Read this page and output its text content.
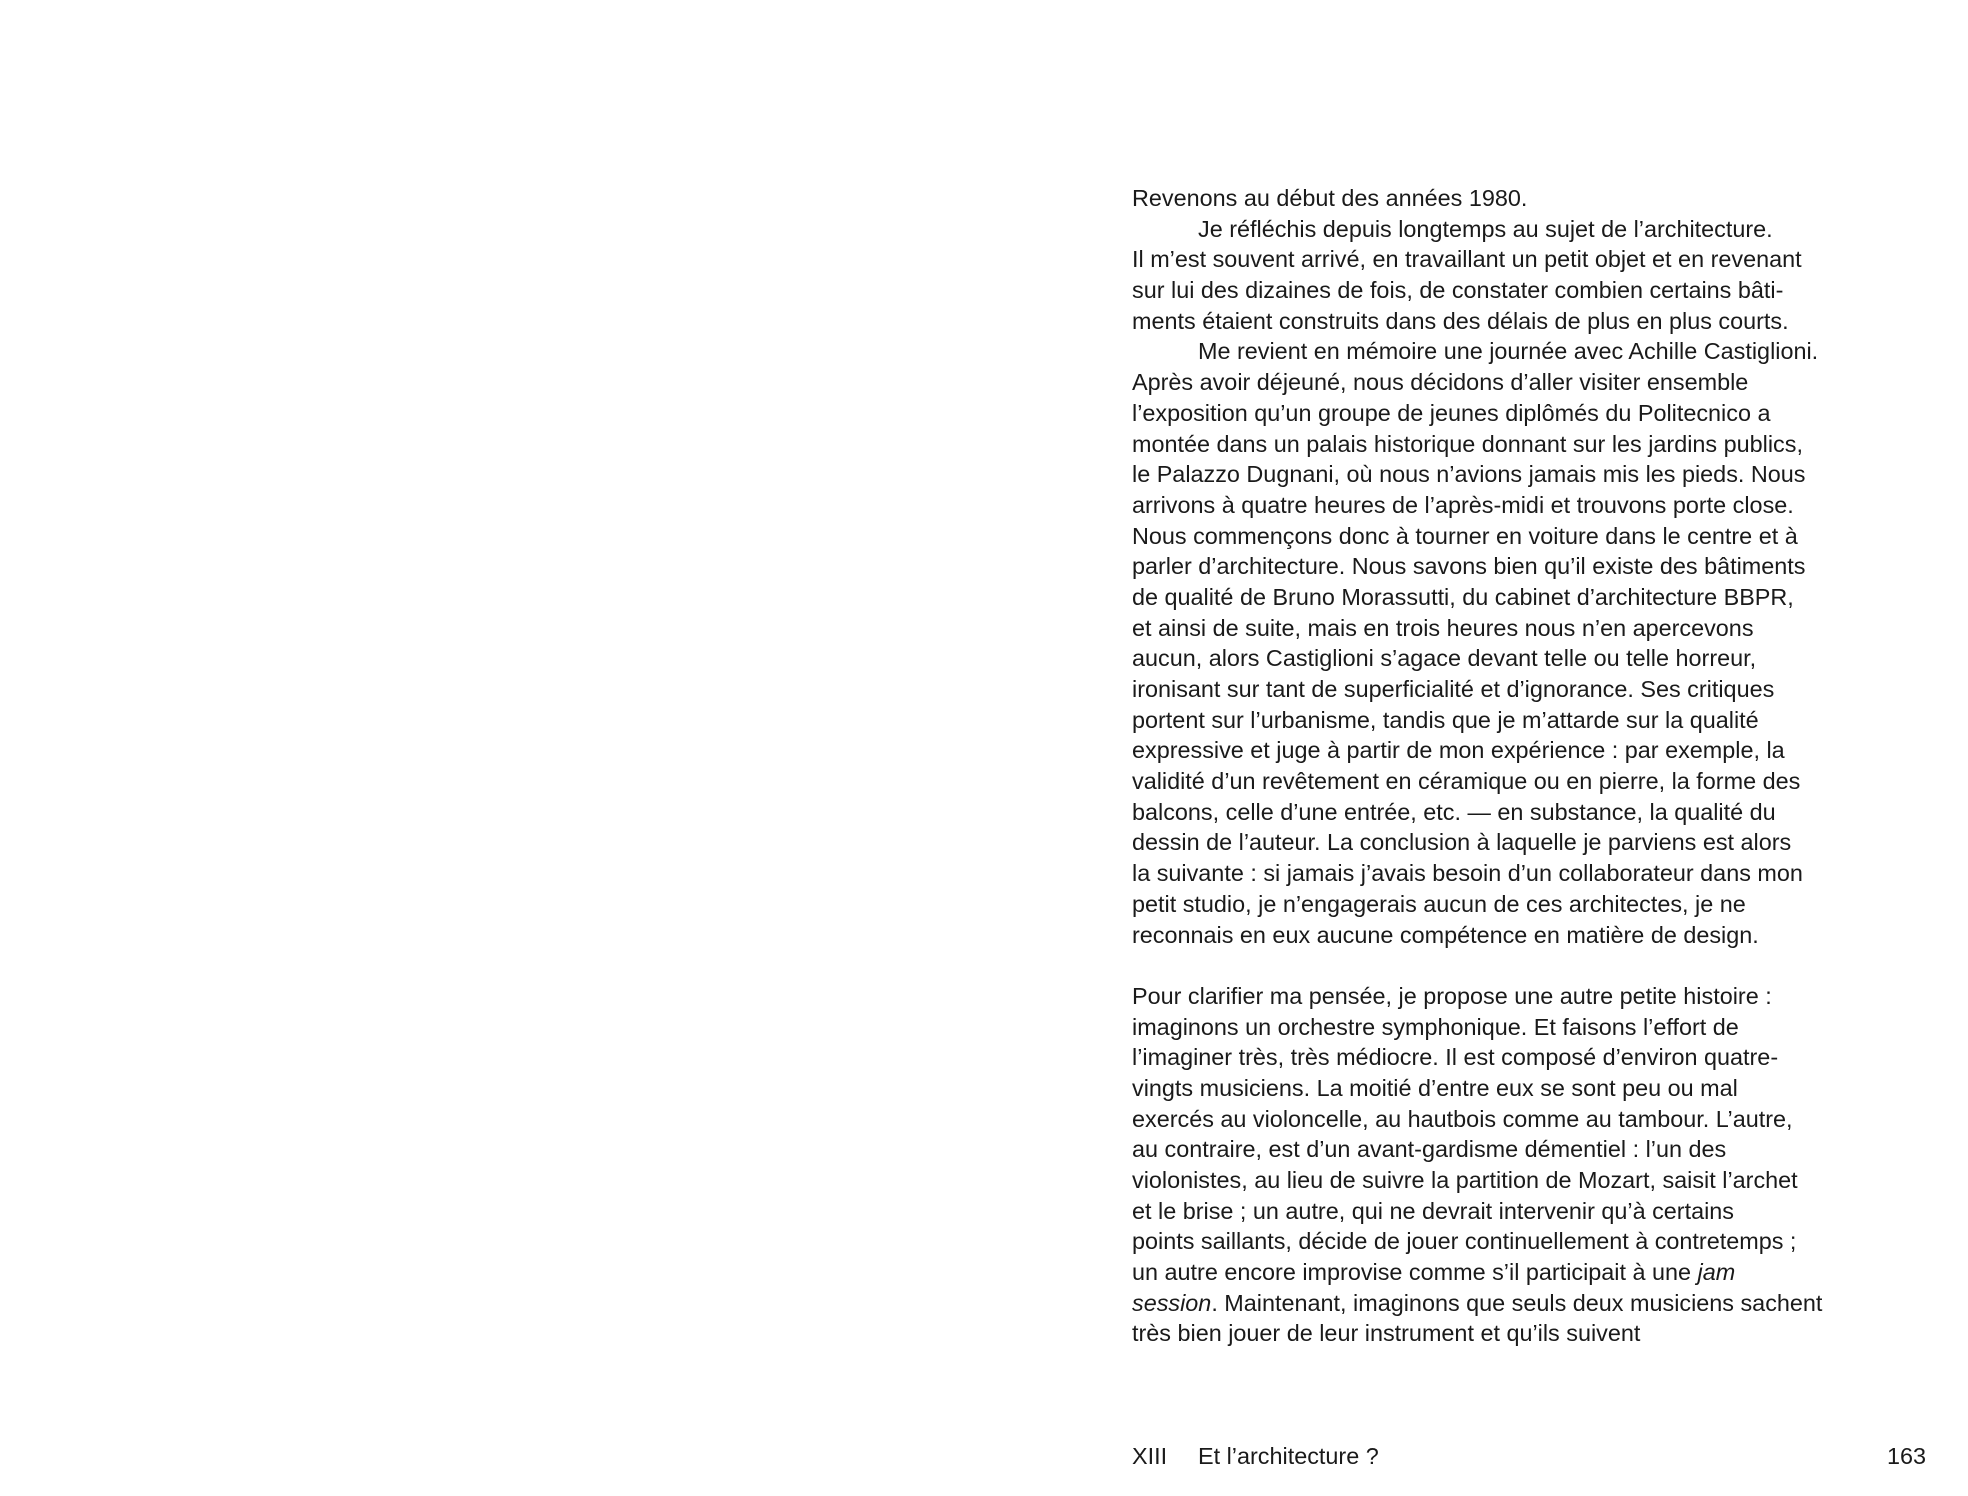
Revenons au début des années 1980.
Je réfléchis depuis longtemps au sujet de l’architecture.
Il m’est souvent arrivé, en travaillant un petit objet et en revenant
sur lui des dizaines de fois, de constater combien certains bâti-
ments étaient construits dans des délais de plus en plus courts.
Me revient en mémoire une journée avec Achille Castiglioni.
Après avoir déjeuné, nous décidons d’aller visiter ensemble
l’exposition qu’un groupe de jeunes diplômés du Politecnico a
montée dans un palais historique donnant sur les jardins publics,
le Palazzo Dugnani, où nous n’avions jamais mis les pieds. Nous
arrivons à quatre heures de l’après-midi et trouvons porte close.
Nous commençons donc à tourner en voiture dans le centre et à
parler d’architecture. Nous savons bien qu’il existe des bâtiments
de qualité de Bruno Morassutti, du cabinet d’architecture BBPR,
et ainsi de suite, mais en trois heures nous n’en apercevons
aucun, alors Castiglioni s’agace devant telle ou telle horreur,
ironisant sur tant de superficialité et d’ignorance. Ses critiques
portent sur l’urbanisme, tandis que je m’attarde sur la qualité
expressive et juge à partir de mon expérience : par exemple, la
validité d’un revêtement en céramique ou en pierre, la forme des
balcons, celle d’une entrée, etc. — en substance, la qualité du
dessin de l’auteur. La conclusion à laquelle je parviens est alors
la suivante : si jamais j’avais besoin d’un collaborateur dans mon
petit studio, je n’engagerais aucun de ces architectes, je ne
reconnais en eux aucune compétence en matière de design.
Pour clarifier ma pensée, je propose une autre petite histoire :
imaginons un orchestre symphonique. Et faisons l’effort de
l’imaginer très, très médiocre. Il est composé d’environ quatre-
vingts musiciens. La moitié d’entre eux se sont peu ou mal
exercés au violoncelle, au hautbois comme au tambour. L’autre,
au contraire, est d’un avant-gardisme démentiel : l’un des
violonistes, au lieu de suivre la partition de Mozart, saisit l’archet
et le brise ; un autre, qui ne devrait intervenir qu’à certains
points saillants, décide de jouer continuellement à contretemps ;
un autre encore improvise comme s’il participait à une jam
session. Maintenant, imaginons que seuls deux musiciens sachent
très bien jouer de leur instrument et qu’ils suivent
XIII Et l’architecture ?	163
